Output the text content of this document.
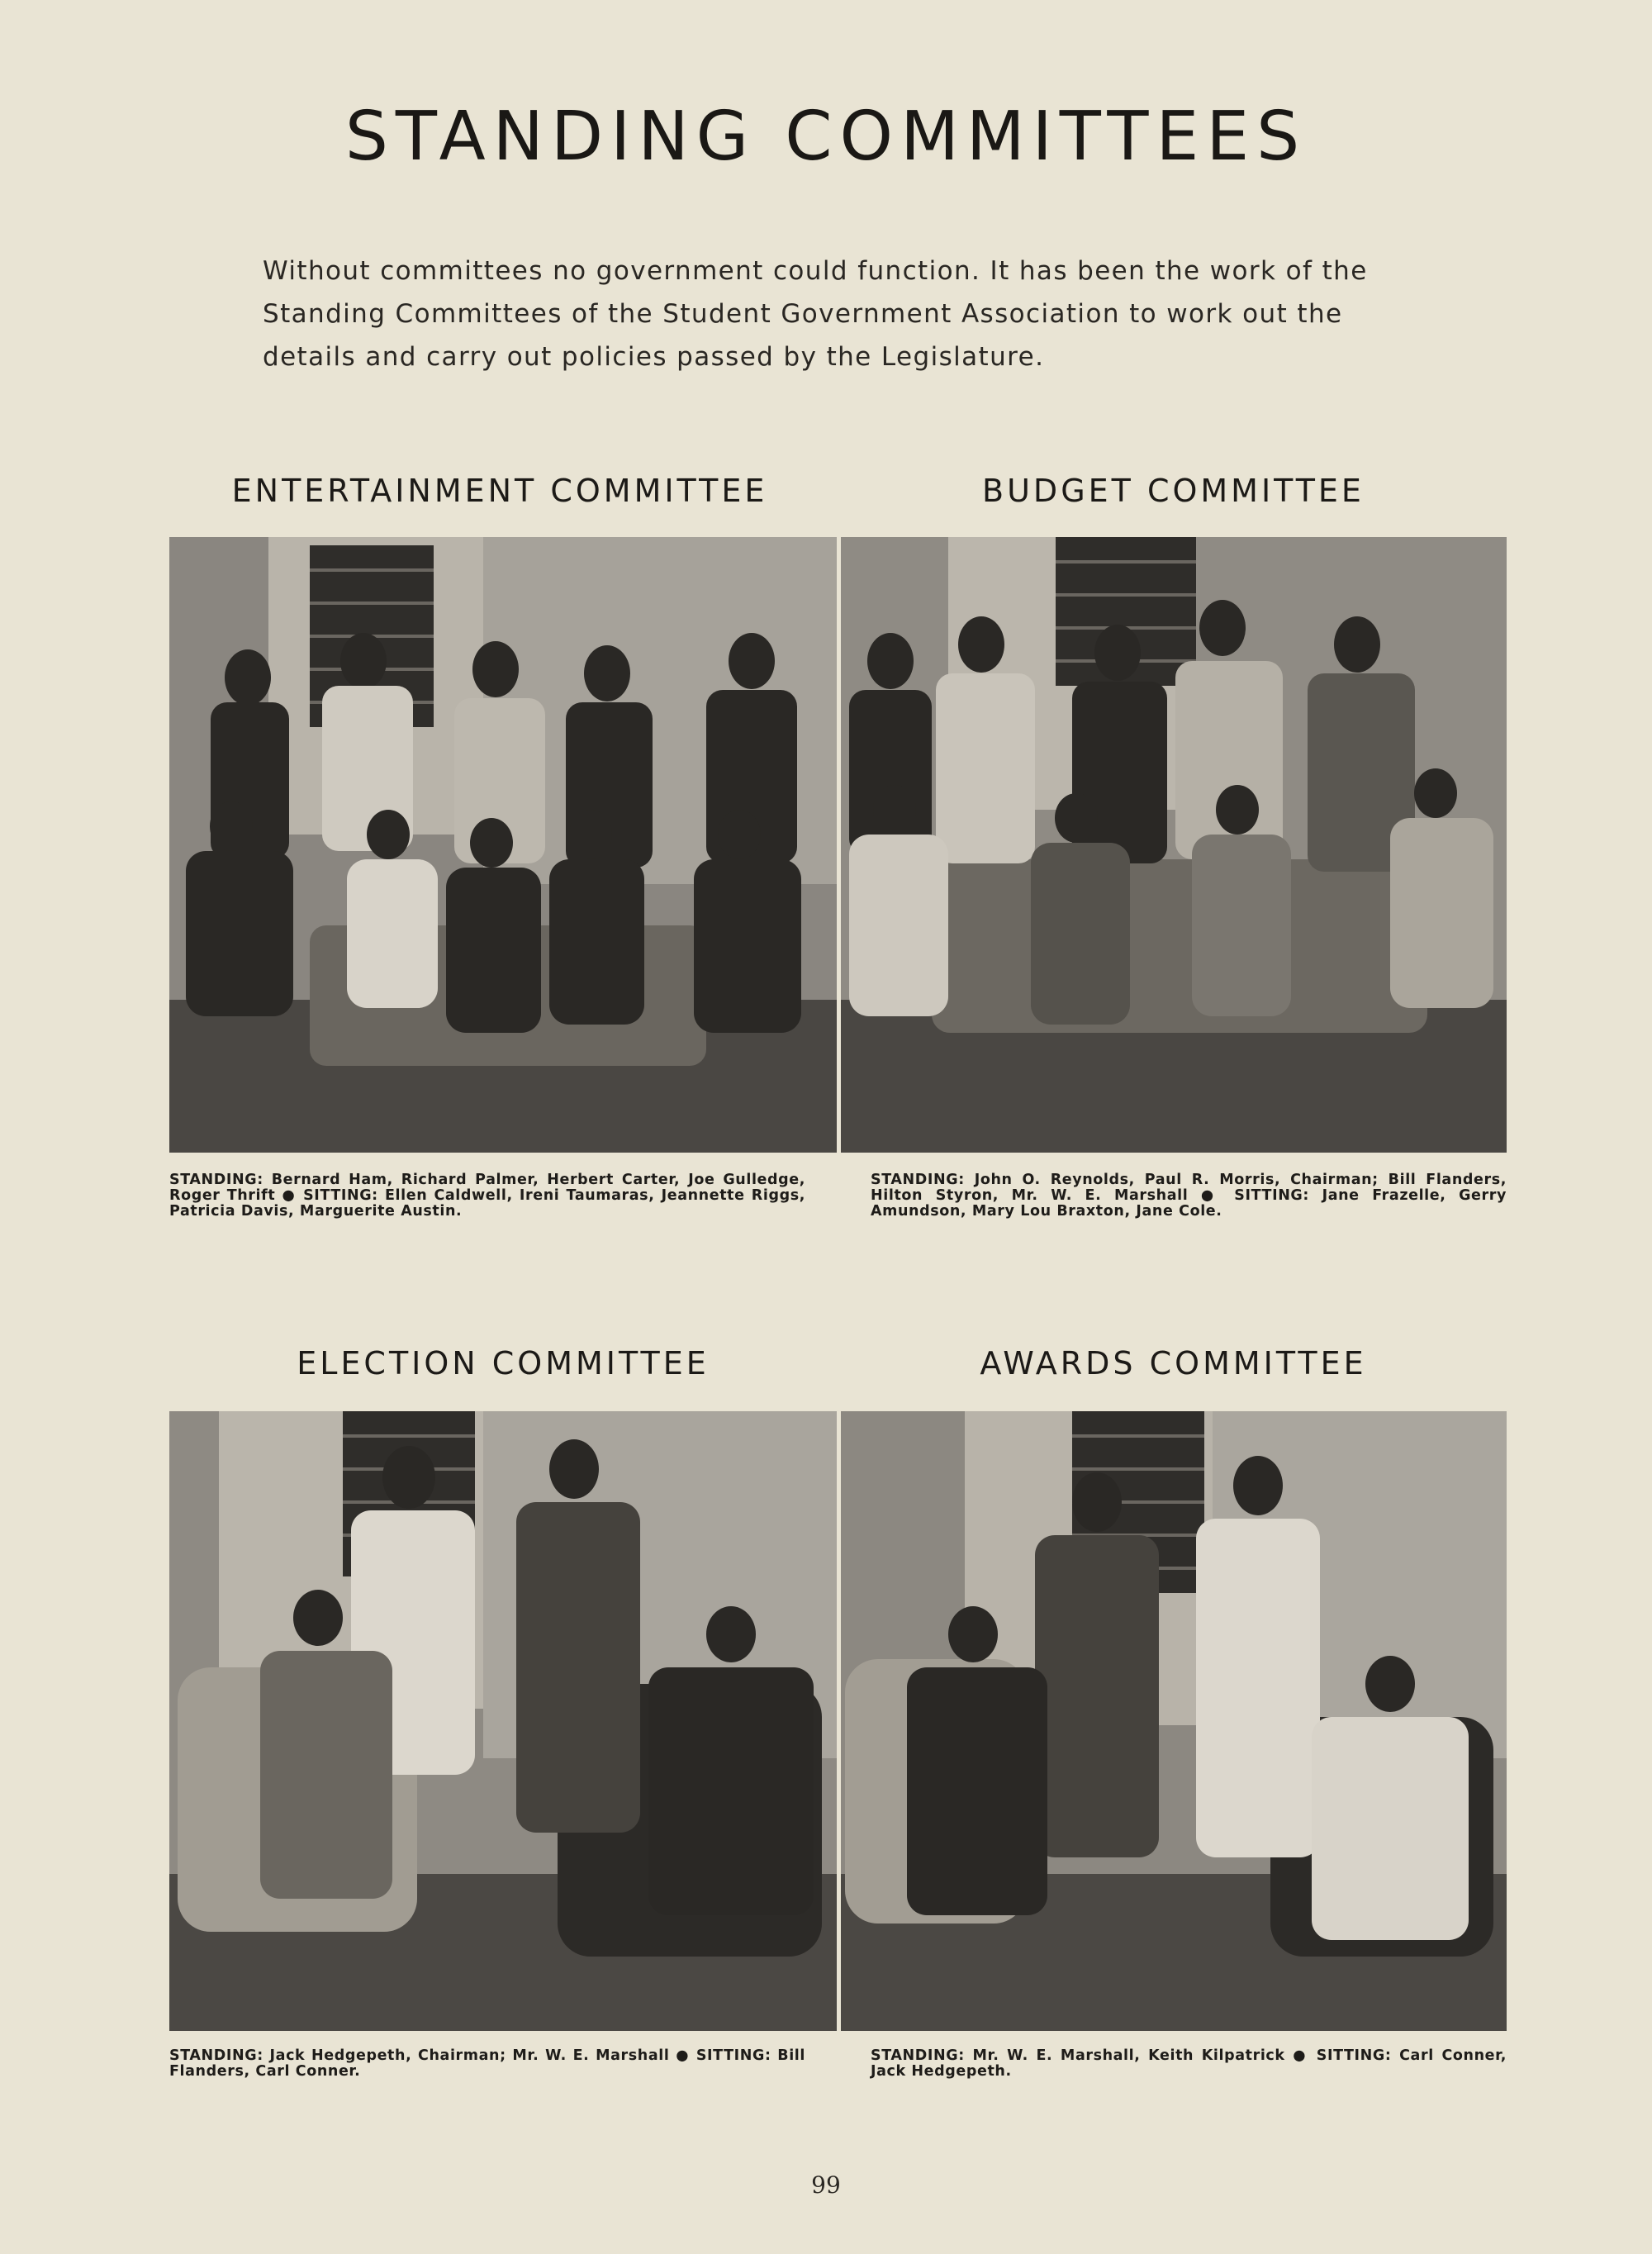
STANDING COMMITTEES

Without committees no government could function. It has been the work of the Standing Committees of the Student Government Association to work out the details and carry out policies passed by the Legislature.

ENTERTAINMENT COMMITTEE

STANDING: Bernard Ham, Richard Palmer, Herbert Carter, Joe Gulledge, Roger Thrift ● SITTING: Ellen Caldwell, Ireni Taumaras, Jeannette Riggs, Patricia Davis, Marguerite Austin.

BUDGET COMMITTEE

STANDING: John O. Reynolds, Paul R. Morris, Chairman; Bill Flanders, Hilton Styron, Mr. W. E. Marshall ● SITTING: Jane Frazelle, Gerry Amundson, Mary Lou Braxton, Jane Cole.

ELECTION COMMITTEE

STANDING: Jack Hedgepeth, Chairman; Mr. W. E. Marshall ● SITTING: Bill Flanders, Carl Conner.

AWARDS COMMITTEE

STANDING: Mr. W. E. Marshall, Keith Kilpatrick ● SITTING: Carl Conner, Jack Hedgepeth.

99
